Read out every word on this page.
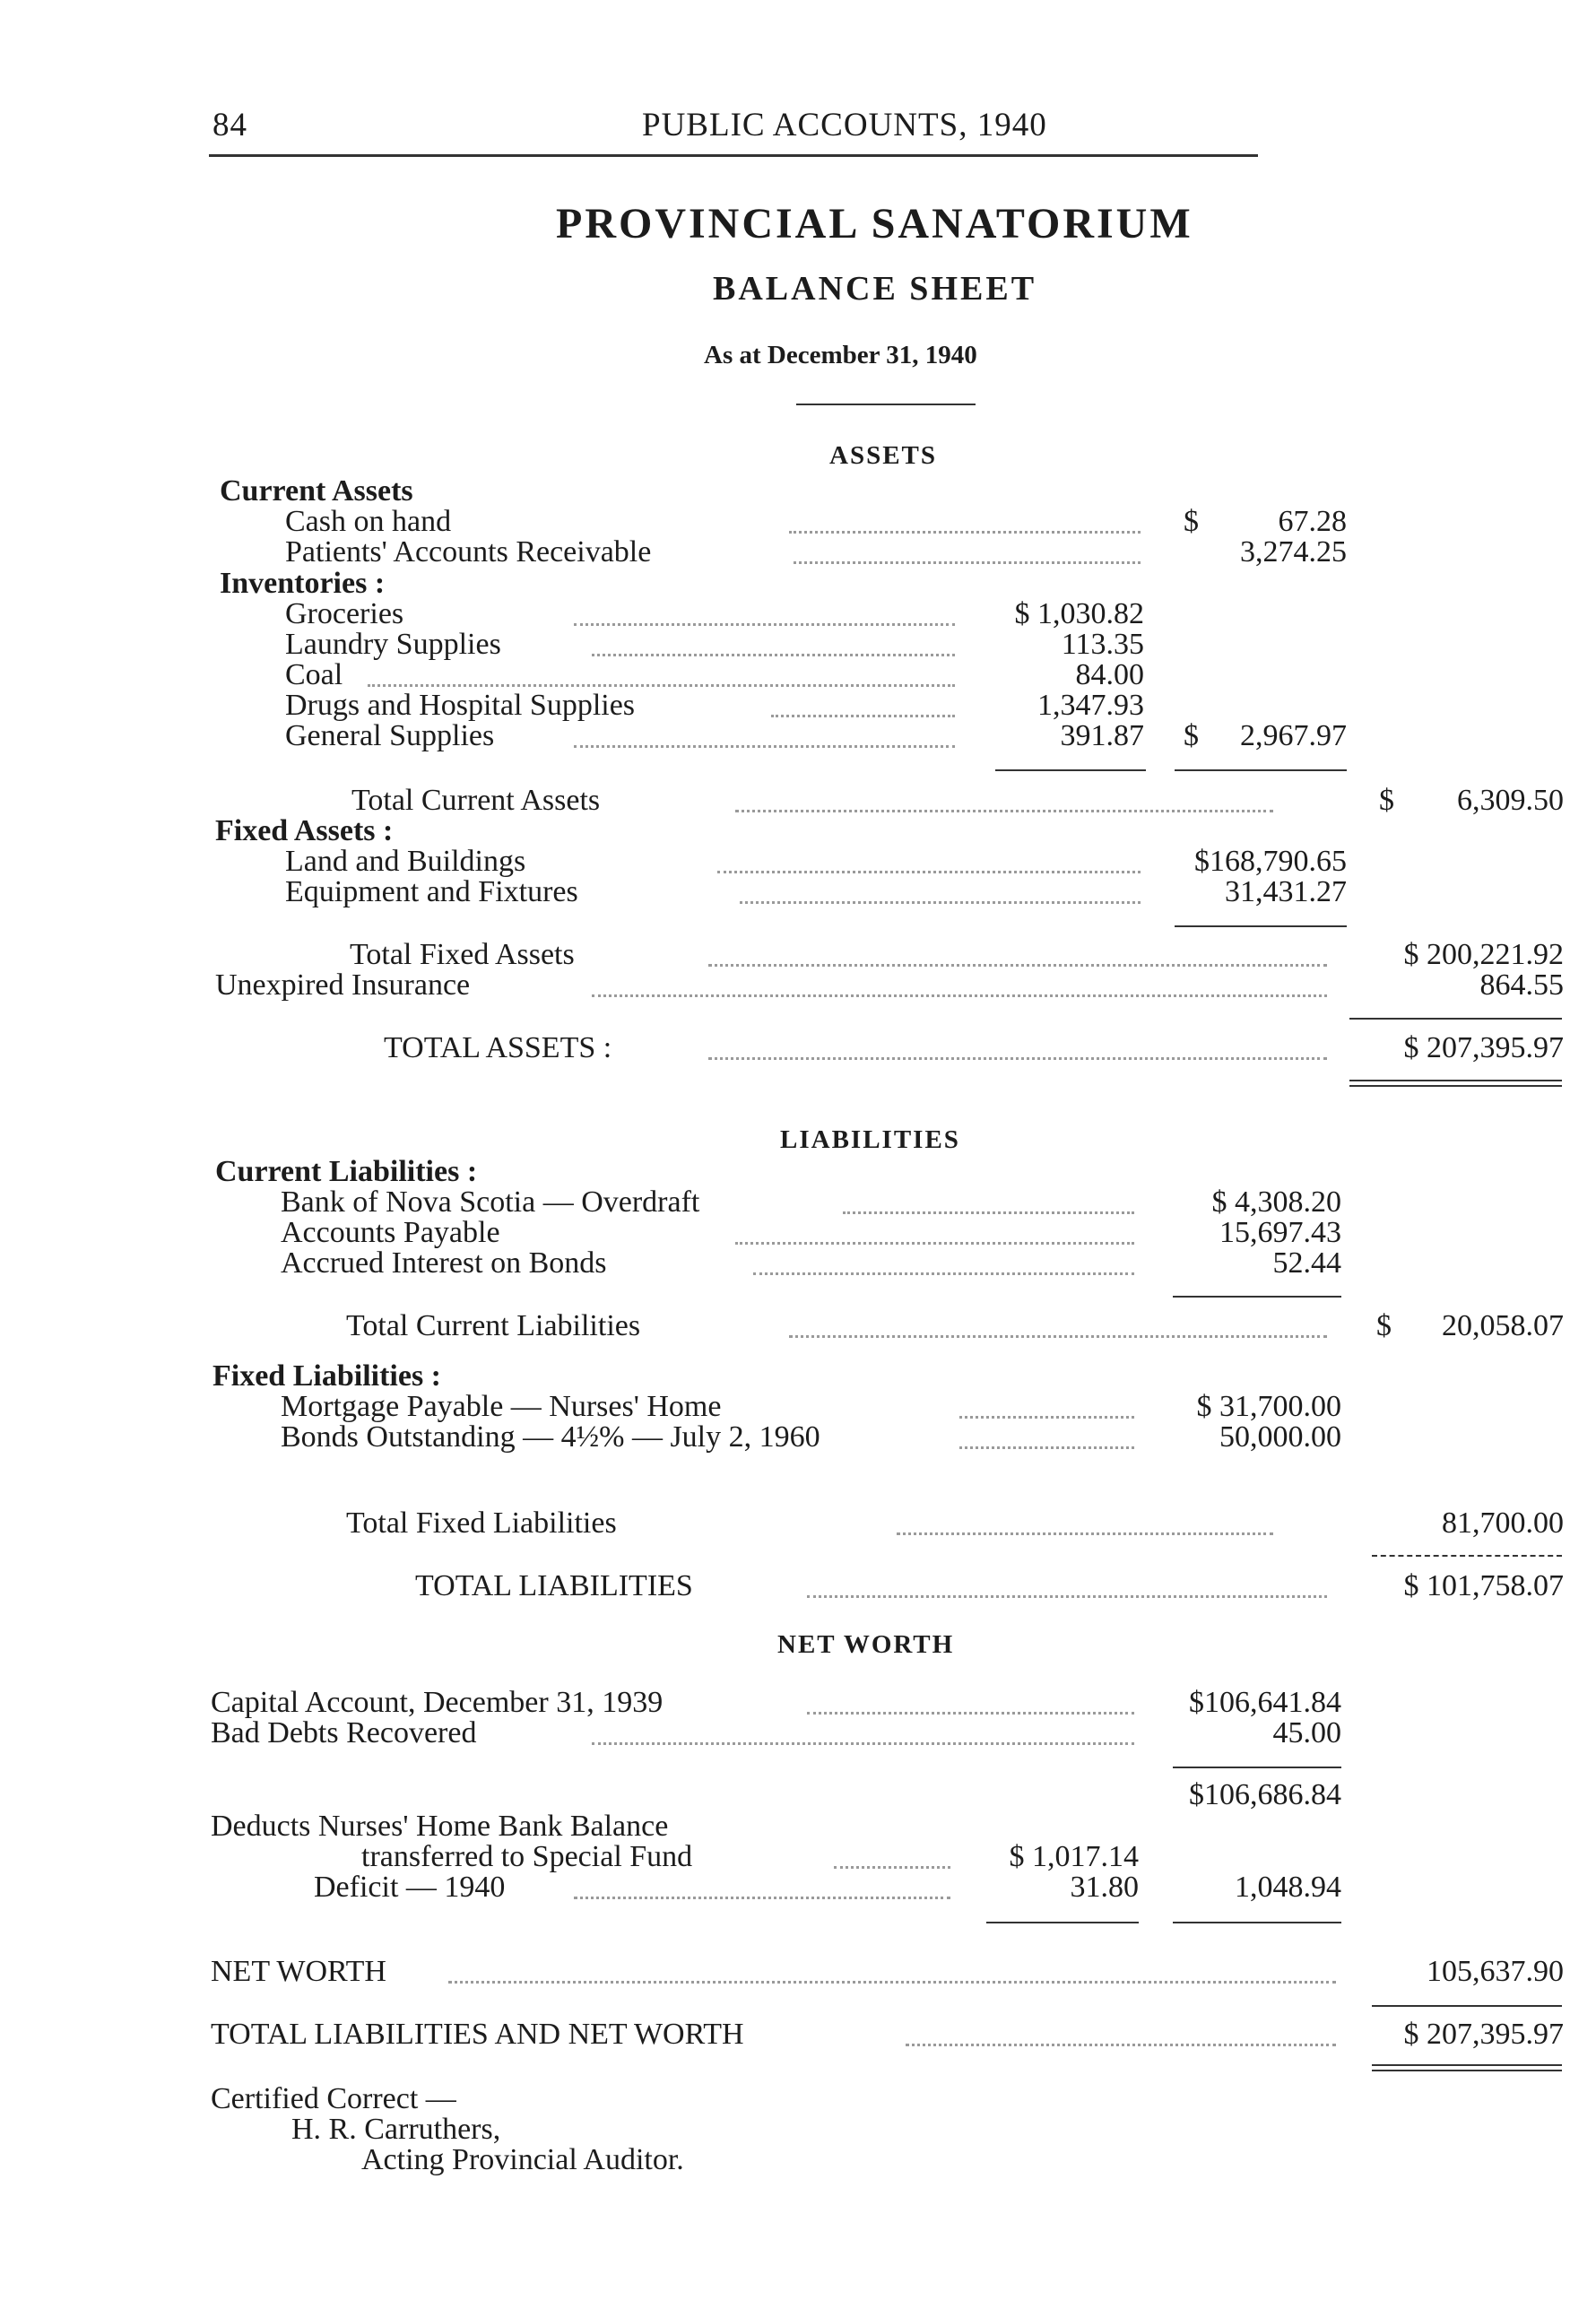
84	PUBLIC ACCOUNTS, 1940
PROVINCIAL SANATORIUM
BALANCE SHEET
As at December 31, 1940
ASSETS
Current Assets
Cash on hand	$	67.28
Patients' Accounts Receivable	3,274.25
Inventories :
Groceries	$ 1,030.82
Laundry Supplies	113.35
Coal	84.00
Drugs and Hospital Supplies	1,347.93
General Supplies	391.87 $ 2,967.97
Total Current Assets	$ 6,309.50
Fixed Assets :
Land and Buildings	$168,790.65
Equipment and Fixtures	31,431.27
Total Fixed Assets	$ 200,221.92
Unexpired Insurance	864.55
TOTAL ASSETS :	$ 207,395.97
LIABILITIES
Current Liabilities :
Bank of Nova Scotia — Overdraft	$ 4,308.20
Accounts Payable	15,697.43
Accrued Interest on Bonds	52.44
Total Current Liabilities	$ 20,058.07
Fixed Liabilities :
Mortgage Payable — Nurses' Home	$ 31,700.00
Bonds Outstanding — 4½% — July 2, 1960	50,000.00
Total Fixed Liabilities	81,700.00
TOTAL LIABILITIES	$ 101,758.07
NET WORTH
Capital Account, December 31, 1939	$106,641.84
Bad Debts Recovered	45.00
$106,686.84
Deducts Nurses' Home Bank Balance
transferred to Special Fund	$ 1,017.14
Deficit — 1940	31.80	1,048.94
NET WORTH	105,637.90
TOTAL LIABILITIES AND NET WORTH	$ 207,395.97
Certified Correct —
H. R. Carruthers,
Acting Provincial Auditor.
